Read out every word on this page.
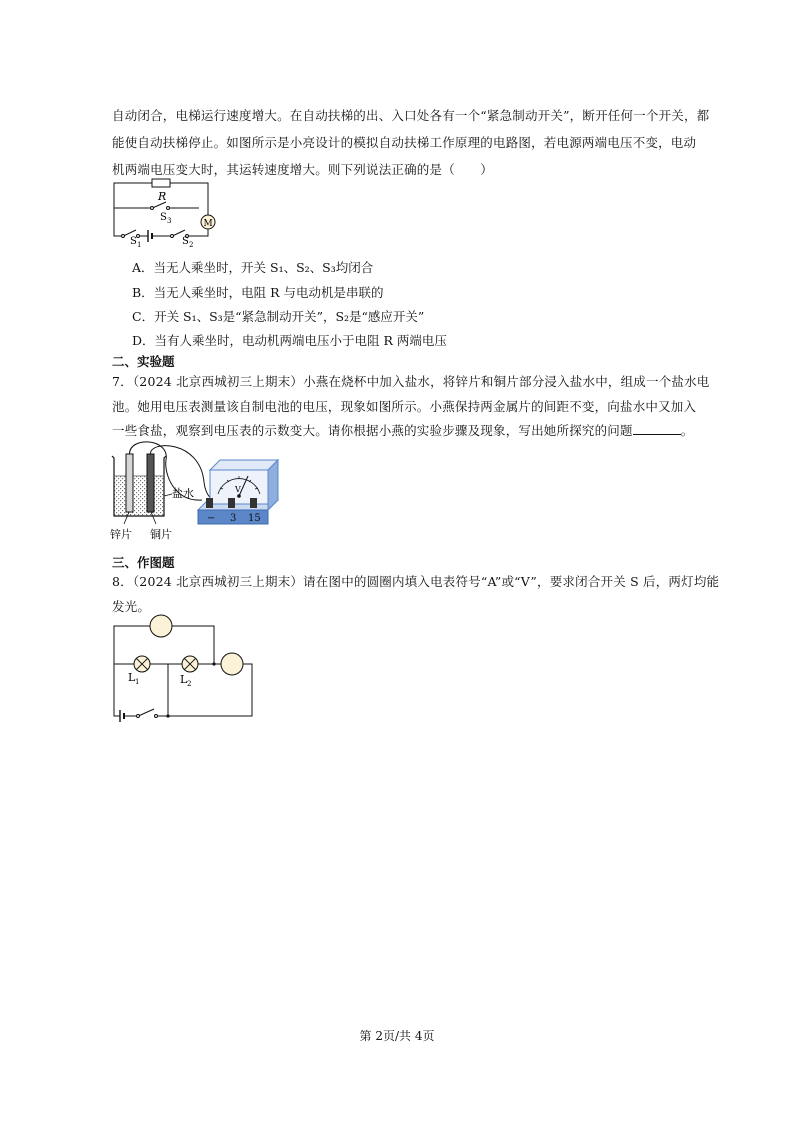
自动闭合，电梯运行速度增大。在自动扶梯的出、入口处各有一个“紧急制动开关”，断开任何一个开关，都
能使自动扶梯停止。如图所示是小亮设计的模拟自动扶梯工作原理的电路图，若电源两端电压不变，电动
机两端电压变大时，其运转速度增大。则下列说法正确的是（　　）
R
M
S 3
S 1	S 2
A．当无人乘坐时，开关 S₁、S₂、S₃均闭合
B．当无人乘坐时，电阻 R 与电动机是串联的
C．开关 S₁、S₃是“紧急制动开关”，S₂是“感应开关”
D．当有人乘坐时，电动机两端电压小于电阻 R 两端电压
二、实验题
7．（2024 北京西城初三上期末）小燕在烧杯中加入盐水，将锌片和铜片部分浸入盐水中，组成一个盐水电
池。她用电压表测量该自制电池的电压，现象如图所示。小燕保持两金属片的间距不变，向盐水中又加入
一些食盐，观察到电压表的示数变大。请你根据小燕的实验步骤及现象，写出她所探究的问题	。
V
− 3 15
盐水
锌片 铜片
三、作图题
8．（2024 北京西城初三上期末）请在图中的圆圈内填入电表符号“A”或“V”，要求闭合开关 S 后，两灯均能
发光。
L 1	L 2
第 2页/共 4页
